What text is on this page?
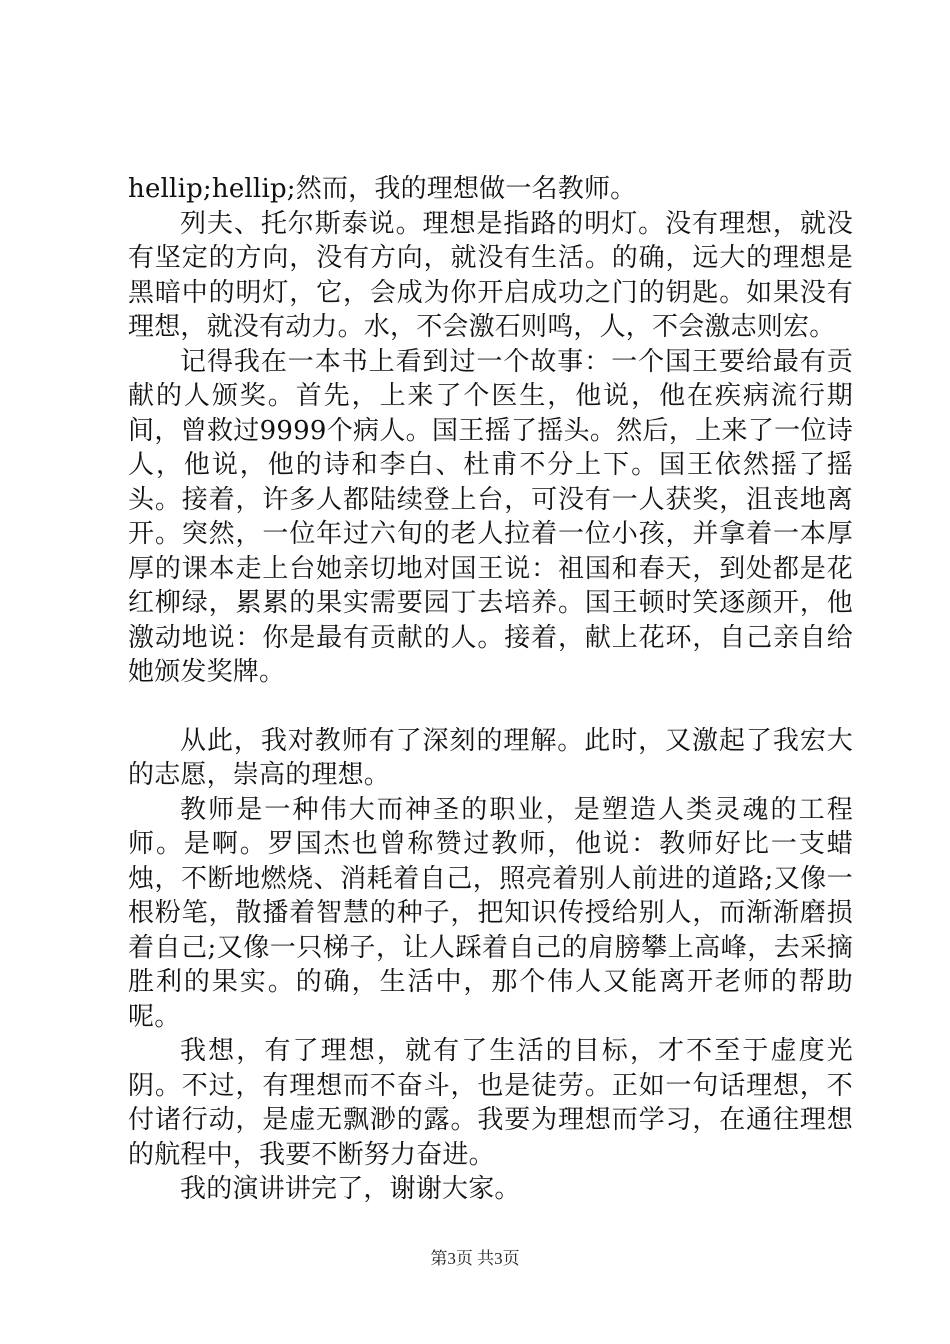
hellip;hellip;然而，我的理想做一名教师。

列夫、托尔斯泰说。理想是指路的明灯。没有理想，就没有坚定的方向，没有方向，就没有生活。的确，远大的理想是黑暗中的明灯，它，会成为你开启成功之门的钥匙。如果没有理想，就没有动力。水，不会激石则鸣，人，不会激志则宏。

记得我在一本书上看到过一个故事：一个国王要给最有贡献的人颁奖。首先，上来了个医生，他说，他在疾病流行期间，曾救过9999个病人。国王摇了摇头。然后，上来了一位诗人，他说，他的诗和李白、杜甫不分上下。国王依然摇了摇头。接着，许多人都陆续登上台，可没有一人获奖，沮丧地离开。突然，一位年过六旬的老人拉着一位小孩，并拿着一本厚厚的课本走上台她亲切地对国王说：祖国和春天，到处都是花红柳绿，累累的果实需要园丁去培养。国王顿时笑逐颜开，他激动地说：你是最有贡献的人。接着，献上花环，自己亲自给她颁发奖牌。

从此，我对教师有了深刻的理解。此时，又激起了我宏大的志愿，崇高的理想。

教师是一种伟大而神圣的职业，是塑造人类灵魂的工程师。是啊。罗国杰也曾称赞过教师，他说：教师好比一支蜡烛，不断地燃烧、消耗着自己，照亮着别人前进的道路;又像一根粉笔，散播着智慧的种子，把知识传授给别人，而渐渐磨损着自己;又像一只梯子，让人踩着自己的肩膀攀上高峰，去采摘胜利的果实。的确，生活中，那个伟人又能离开老师的帮助呢。

我想，有了理想，就有了生活的目标，才不至于虚度光阴。不过，有理想而不奋斗，也是徒劳。正如一句话理想，不付诸行动，是虚无飘渺的露。我要为理想而学习，在通往理想的航程中，我要不断努力奋进。

我的演讲讲完了，谢谢大家。

第3页 共3页
